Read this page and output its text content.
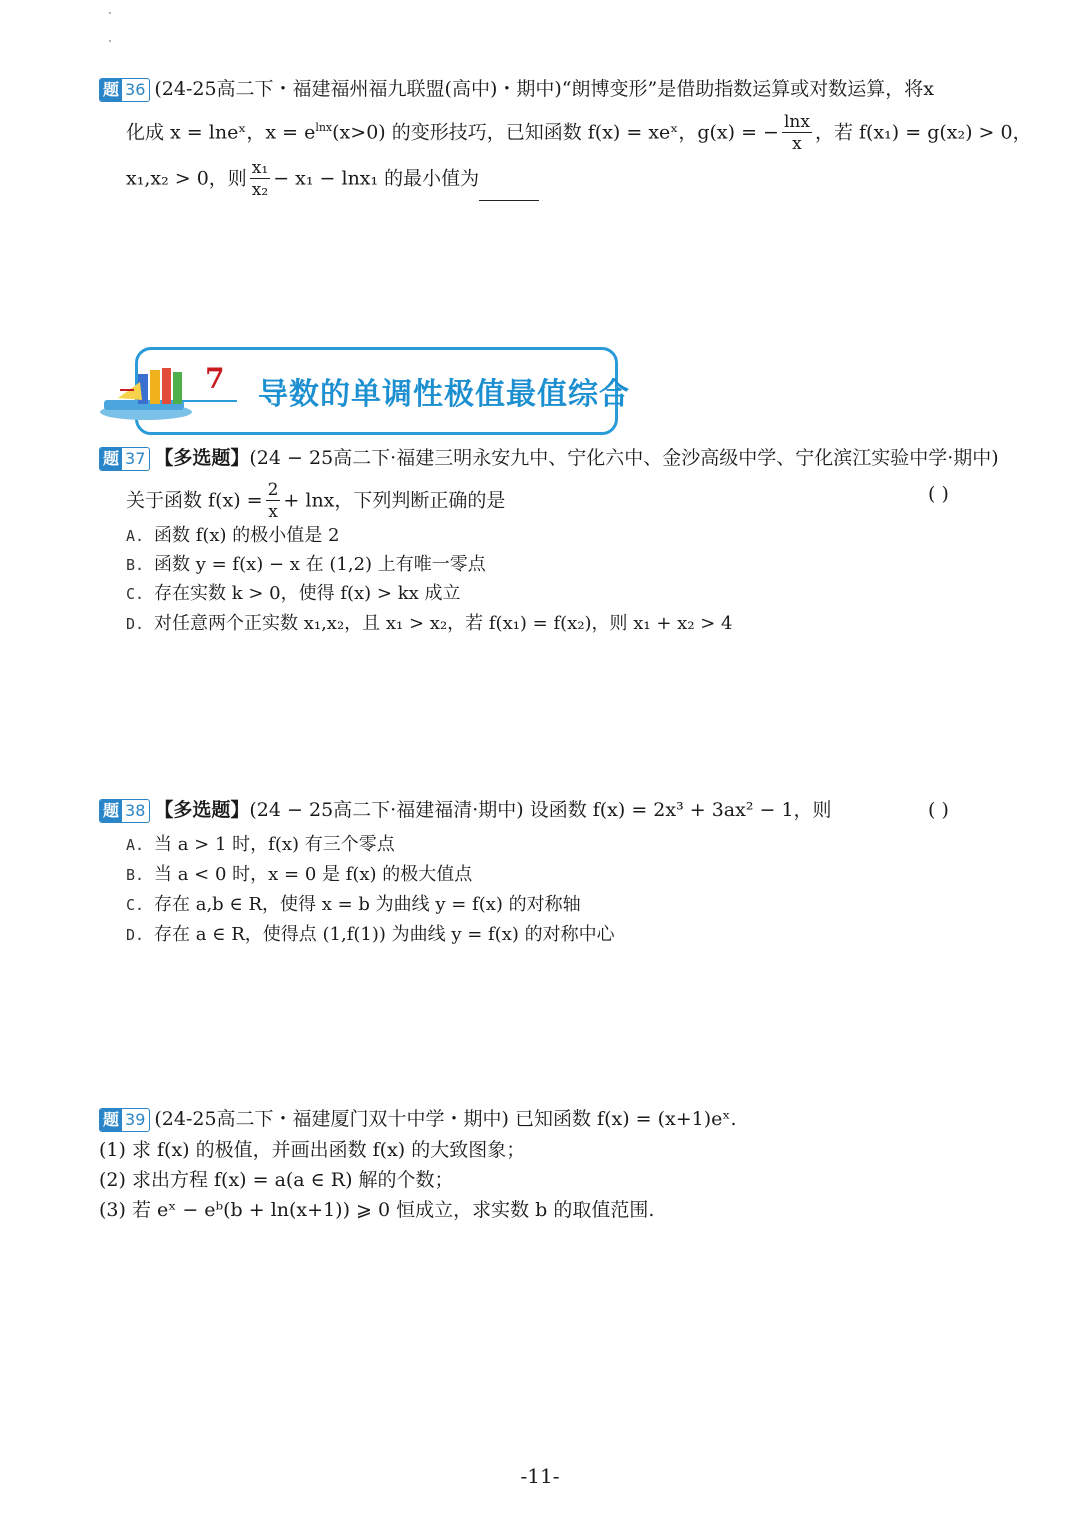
题 36 (24-25高二下・福建福州福九联盟(高中)・期中)“朗博变形”是借助指数运算或对数运算，将x
化成 x = lneˣ，$x = e^{lnx}(x>0)$ 的变形技巧，已知函数 f(x) = xeˣ，g(x) = − $\frac{\ln x}{x}$ ，若 f(x₁) = g(x₂) > 0，
x₁,x₂ > 0，则 $\frac{\text{x₁}}{\text{x₂}} - x_1 - \ln x_1$ 的最小值为
7 导数的单调性极值最值综合
题 37 【多选题】(24 − 25高二下·福建三明永安九中、宁化六中、金沙高级中学、宁化滨江实验中学·期中)
关于函数 $f(x) = \frac{2}{x} + \ln x$，下列判断正确的是	( )
A. 函数 f(x) 的极小值是 2
B. 函数 y = f(x) − x 在 (1,2) 上有唯一零点
C. 存在实数 k > 0，使得 f(x) > kx 成立
D. 对任意两个正实数 x₁,x₂，且 x₁ > x₂，若 f(x₁) = f(x₂)，则 x₁ + x₂ > 4
题 38 【多选题】(24 − 25高二下·福建福清·期中) 设函数 f(x) = 2x³ + 3ax² − 1，则	( )
A. 当 a > 1 时，f(x) 有三个零点
B. 当 a < 0 时，x = 0 是 f(x) 的极大值点
C. 存在 a,b ∈ R，使得 x = b 为曲线 y = f(x) 的对称轴
D. 存在 a ∈ R，使得点 (1,f(1)) 为曲线 y = f(x) 的对称中心
题 39 (24-25高二下・福建厦门双十中学・期中) 已知函数 f(x) = (x+1)eˣ.
(1) 求 f(x) 的极值，并画出函数 f(x) 的大致图象；
(2) 求出方程 f(x) = a(a ∈ R) 解的个数；
(3) 若 eˣ − eᵇ(b + ln(x+1)) ⩾ 0 恒成立，求实数 b 的取值范围.
-11-
